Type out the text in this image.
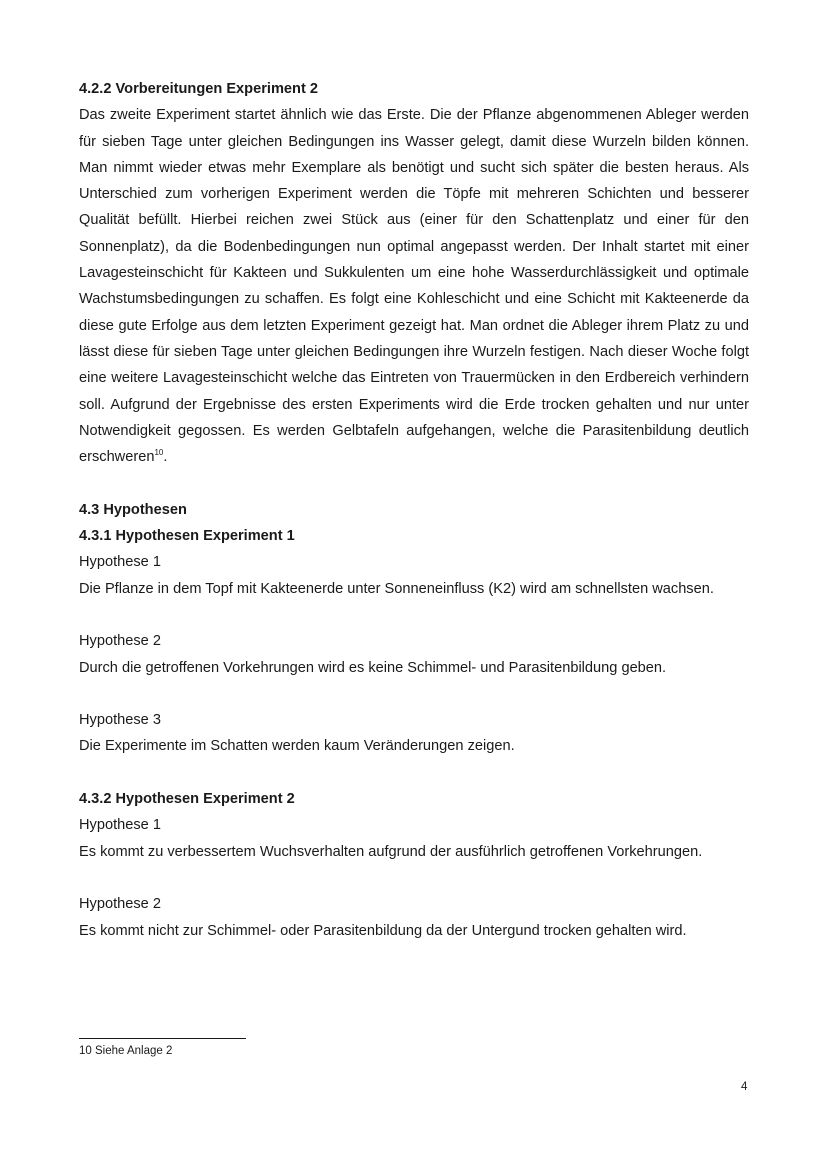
4.2.2 Vorbereitungen Experiment 2

Das zweite Experiment startet ähnlich wie das Erste. Die der Pflanze abgenommenen Ableger werden für sieben Tage unter gleichen Bedingungen ins Wasser gelegt, damit diese Wurzeln bilden können. Man nimmt wieder etwas mehr Exemplare als benötigt und sucht sich später die besten heraus. Als Unterschied zum vorherigen Experiment werden die Töpfe mit mehreren Schichten und besserer Qualität befüllt. Hierbei reichen zwei Stück aus (einer für den Schattenplatz und einer für den Sonnenplatz), da die Bodenbedingungen nun optimal angepasst werden. Der Inhalt startet mit einer Lavagesteinschicht für Kakteen und Sukkulenten um eine hohe Wasserdurchlässigkeit und optimale Wachstumsbedingungen zu schaffen. Es folgt eine Kohleschicht und eine Schicht mit Kakteenerde da diese gute Erfolge aus dem letzten Experiment gezeigt hat. Man ordnet die Ableger ihrem Platz zu und lässt diese für sieben Tage unter gleichen Bedingungen ihre Wurzeln festigen. Nach dieser Woche folgt eine weitere Lavagesteinschicht welche das Eintreten von Trauermücken in den Erdbereich verhindern soll. Aufgrund der Ergebnisse des ersten Experiments wird die Erde trocken gehalten und nur unter Notwendigkeit gegossen. Es werden Gelbtafeln aufgehangen, welche die Parasitenbildung deutlich erschweren$^{10}$.

4.3 Hypothesen

4.3.1 Hypothesen Experiment 1

Hypothese 1

Die Pflanze in dem Topf mit Kakteenerde unter Sonneneinfluss (K2) wird am schnellsten wachsen.

Hypothese 2

Durch die getroffenen Vorkehrungen wird es keine Schimmel- und Parasitenbildung geben.

Hypothese 3

Die Experimente im Schatten werden kaum Veränderungen zeigen.

4.3.2 Hypothesen Experiment 2

Hypothese 1

Es kommt zu verbessertem Wuchsverhalten aufgrund der ausführlich getroffenen Vorkehrungen.

Hypothese 2

Es kommt nicht zur Schimmel- oder Parasitenbildung da der Untergund trocken gehalten wird.

10 Siehe Anlage 2
4
